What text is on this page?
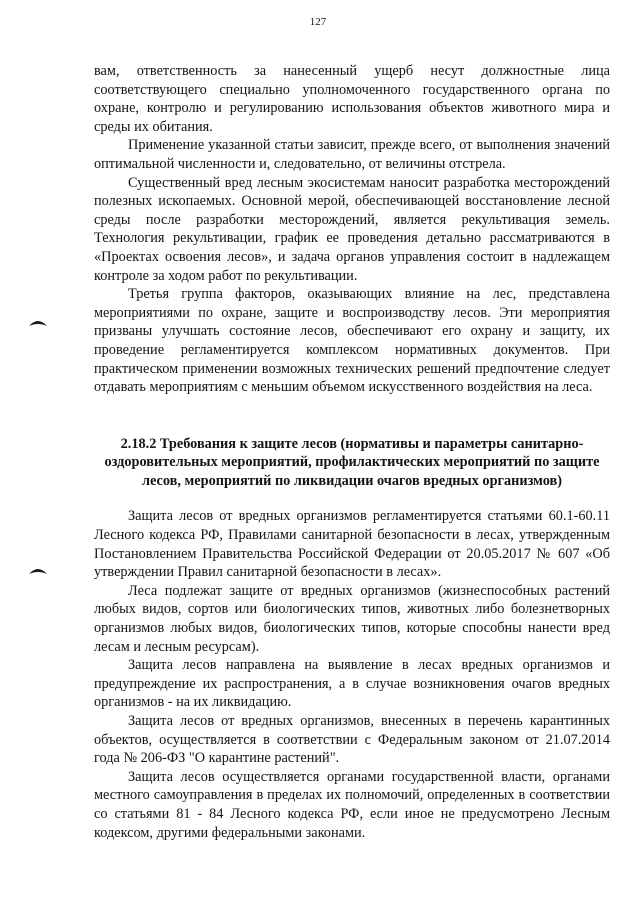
127

вам, ответственность за нанесенный ущерб несут должностные лица соответствующего специально уполномоченного государственного органа по охране, контролю и регулированию использования объектов животного мира и среды их обитания.

Применение указанной статьи зависит, прежде всего, от выполнения значений оптимальной численности и, следовательно, от величины отстрела.

Существенный вред лесным экосистемам наносит разработка месторождений полезных ископаемых. Основной мерой, обеспечивающей восстановление лесной среды после разработки месторождений, является рекультивация земель. Технология рекультивации, график ее проведения детально рассматриваются в «Проектах освоения лесов», и задача органов управления состоит в надлежащем контроле за ходом работ по рекультивации.

Третья группа факторов, оказывающих влияние на лес, представлена мероприятиями по охране, защите и воспроизводству лесов. Эти мероприятия призваны улучшать состояние лесов, обеспечивают его охрану и защиту, их проведение регламентируется комплексом нормативных документов. При практическом применении возможных технических решений предпочтение следует отдавать мероприятиям с меньшим объемом искусственного воздействия на леса.

2.18.2 Требования к защите лесов (нормативы и параметры санитарно-оздоровительных мероприятий, профилактических мероприятий по защите лесов, мероприятий по ликвидации очагов вредных организмов)

Защита лесов от вредных организмов регламентируется статьями 60.1-60.11 Лесного кодекса РФ, Правилами санитарной безопасности в лесах, утвержденным Постановлением Правительства Российской Федерации от 20.05.2017 № 607 «Об утверждении Правил санитарной безопасности в лесах».

Леса подлежат защите от вредных организмов (жизнеспособных растений любых видов, сортов или биологических типов, животных либо болезнетворных организмов любых видов, биологических типов, которые способны нанести вред лесам и лесным ресурсам).

Защита лесов направлена на выявление в лесах вредных организмов и предупреждение их распространения, а в случае возникновения очагов вредных организмов - на их ликвидацию.

Защита лесов от вредных организмов, внесенных в перечень карантинных объектов, осуществляется в соответствии с Федеральным законом от 21.07.2014 года № 206-ФЗ "О карантине растений".

Защита лесов осуществляется органами государственной власти, органами местного самоуправления в пределах их полномочий, определенных в соответствии со статьями 81 - 84 Лесного кодекса РФ, если иное не предусмотрено Лесным кодексом, другими федеральными законами.
